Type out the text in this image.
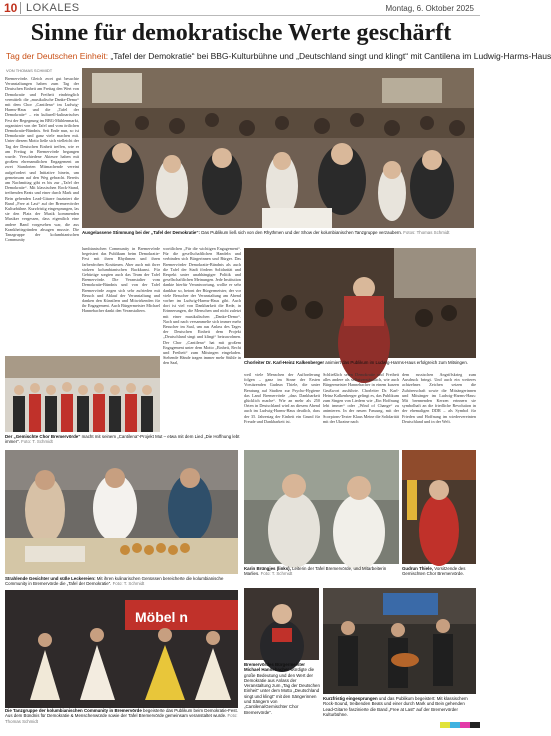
10 LOKALES	Montag, 6. Oktober 2025
Sinne für demokratische Werte geschärft
Tag der Deutschen Einheit: „Tafel der Demokratie“ bei BBG-Kulturbühne und „Deutschland singt und klingt“ mit Cantilena im Ludwig-Harms-Haus
VON THOMAS SCHMIDT
Bremervörde. Gleich zwei gut besuchte Veranstaltungen haben zum Tag der Deutschen Einheit am Freitag den Wert von Demokratie und Freiheit eindringlich vermittelt: die „musikalische Danke-Demo“ mit dem Chor „Cantilena“ im Ludwig-Harms-Haus und die „Tafel der Demokratie“ – ein kulturell-kulinarisches Fest der Begegnung im BBG-Mühlenmarkt, organisiert von der Tafel und vom örtlichen Demokratie-Bündnis. Seit Ende nun, so ist Demokratie und ganz viele machen mit. Unter diesem Motto ließe sich vielleicht der Tag der Deutschen Einheit treffen, wie er am Freitag in Bremervörde begangen wurde. Verschiedene Akteure haben mit großem ehrenamtlichen Engagement an zwei Standorten Mitmachende vereint aufgefordert und Initiative hinein, um gemeinsam auf den Weg gebracht. Bereits am Nachmittag gibt es bis zur „Tafel der Demokratie“. Mit klassischen Rock-Stand, treibenden Beats und einer durch Mark und Bein gehenden Lead-Gitarre fasziniert die Band „Free at Last“ auf der Bremervörder Kulturbühne. Kurzfristig eingesprungen, las sie den Platz der Musik kommenden Musiker vergessen, dass eigentlich eine andere Band vorgesehen war, die aus Krankheitsgründen absagen musste. Die Tanzgruppe der kolumbianischen Community
Ausgelassene Stimmung bei der „Tafel der Demokratie“: Das Publikum ließ sich von den Rhythmen und der Show der kolumbianischen Tanzgruppe verzaubern. Fotos: Thomas Schmidt
lumbianischen Community in Bremervörde begeistert das Publikum beim Demokratie-Fest mit ihren Rhythmen und ihren farbenfrohen Kostümen. Aber auch mit ihrer stolzen kolumbianischen Backkunst. Für Gebürtige sorgten auch das Team der Tafel Bremervörde. Die Veranstalter vom Demokratie-Bündnis und von der Tafel Bremervörde zogen sich sehr zufrieden mit Besuch und Ablauf der Veranstaltung und danken den Künstlern und Mitwirkenden für ihr Engagement. Auch Bürgermeister Michael Hannebacher dankt den Veranstaltern.
worttlichen „Für die wichtigen Engagement“. Für die gesellschaftlichen Handeln und verbinden sich Bürgerinnen und Bürger. Das Bremervörder Demokratie-Bündnis als auch die Tafel der Stadt fördern Solidarität und Respekt unter unabhängiger Politik und gesellschaftlichen Meinungen. Jede Institution dankte hierfür Verantwortung, wollte er sehr dankbar so, betont der Bürgermeister, der vor viele Besucher der Veranstaltung am Abend vorher im Ludwig-Harms-Haus gibt. Auch dort ist viel von Dankbarkeit die Rede, in Erinnerungen, die Menschen und nicht zuletzt mit einer musikalischen „Danke-Demo“. Nach und nach versammelte sich immer mehr Besucher im Saal, um aus Anlass des Tages der Deutschen Einheit dem Projekt „Deutschland singt und klingt“ beizuwohnen. Der Chor „Cantilena“ hat mit großem Engagement unter dem Motto „Einheit, Recht und Freiheit“ zum Mitsingen eingeladen. Stehende Hände tragen immer mehr Stühle in den Saal,	Chorleiter Dr. Karl-Heinz Kalkenberger animiert das Publikum im Ludwig-Harms-Haus erfolgreich zum Mitsingen.
Der „Gemischte Chor Bremervörde“ macht mit seinem „Cantilena“-Projekt Mut – etwa mit dem Lied „Die Hoffnung lebt immer“. Foto: T. Schmidt
weil viele Menschen der Aufforderung folgen – ganz im Sinne der Ersten Vorsitzenden Gudrun Thiele, die unter Beratung auf Studien zur Psycho-Hygiene das Land Bremervörde „dass Dankbarkeit glücklich mache“. Wie an mehr als 250 Orten in Deutschland wird an diesem Abend auch im Ludwig-Harms-Haus deutlich, dass der 35. Jahrestag der Einheit ein Grund für Freude und Dankbarkeit ist.
Schließlich seien Demokratie und Freiheit alles andere als selbstverständlich, wie auch Bürgermeister Hannebacher in einem kurzen Grußwort ausführte. Chorleiter Dr. Karl-Heinz Kalkenberger gelingt es, das Publikum zum Singen von Liedern wie „Ein Hoffnung lebt immer“ oder „Wind of Change“ zu animieren. In der neuen Fassung, mit der Scorpions-Texter Klaus Meine die Solidarität mit der Ukraine nach
dem russischen Angriffskrieg zum Ausdruck bringt. Und auch ein weiteres achtzehnes Zeichen setzen die Zuhörerschaft sowie die Mitsängerinnen und Mitsänger im Ludwig-Harms-Haus: Mit brennenden Kerzen erinnern sie symbolhaft an die friedliche Revolution in der ehemaligen DDR – als Symbol für Frieden und Hoffnung im wiedervereinten Deutschland und in der Welt.
Strahlende Gesichter und süße Leckereien: Mit ihren kulinarischen Genüssen bereicherte die kolumbianische Community in Bremervörde die „Tafel der Demokratie“. Foto: T. Schmidt
Karin Brüngjes (links), Leiterin der Tafel Bremervörde, und Mitarbeiterin Marlies. Foto: T. Schmidt
Gudrun Thiele, Vorsitzende des Gemischten Chor Bremervörde.
Möbel n
Die Tanzgruppe der kolumbianischen Community in Bremervörde begeisterte das Publikum beim Demokratie-Fest. Aus dem Bündnis für Demokratie & Menschenwürde sowie der Tafel Bremervörde gemeinsam veranstaltet wurde. Foto: Thomas Schmidt
Bremervördes Bürgermeister Michael Hannebacher würdigte die große Bedeutung und den Wert der Demokratie aus Anlass der Veranstaltung zum „Tag der Deutschen Einheit“ unter dem Motto „Deutschland singt und klingt“ mit den Sängerinnen und Sängern von „Cantilena/Gemischter Chor Bremervörde“.
Kurzfristig eingesprungen und das Publikum begeistert: Mit klassischem Rock-Sound, treibenden Beats und einer durch Mark und Bein gehenden Lead-Gitarre faszinierte die Band „Free at Last“ auf der Bremervörder Kulturbühne.
